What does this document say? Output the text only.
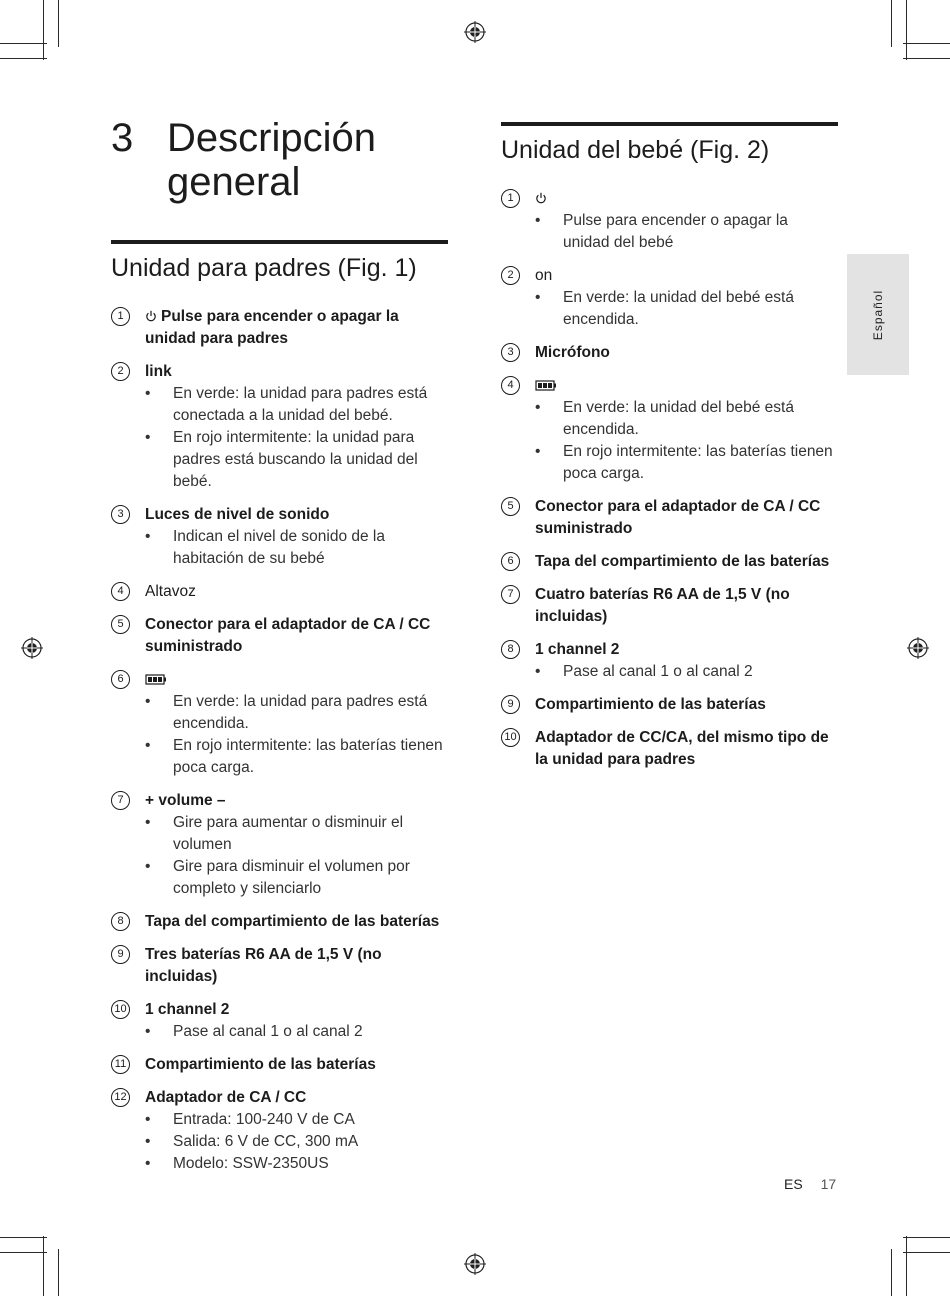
3 Descripción general
Unidad para padres (Fig. 1)
1	Pulse para encender o apagar la unidad para padres
2	link
• En verde: la unidad para padres está conectada a la unidad del bebé.
• En rojo intermitente: la unidad para padres está buscando la unidad del bebé.
3	Luces de nivel de sonido
• Indican el nivel de sonido de la habitación de su bebé
4	Altavoz
5	Conector para el adaptador de CA / CC suministrado
6
• En verde: la unidad para padres está encendida.
• En rojo intermitente: las baterías tienen poca carga.
7	+ volume –
• Gire para aumentar o disminuir el volumen
• Gire para disminuir el volumen por completo y silenciarlo
8	Tapa del compartimiento de las baterías
9	Tres baterías R6 AA de 1,5 V (no incluidas)
10 1 channel 2
• Pase al canal 1 o al canal 2
11 Compartimiento de las baterías
12 Adaptador de CA / CC
• Entrada: 100-240 V de CA
• Salida: 6 V de CC, 300 mA
• Modelo: SSW-2350US
Unidad del bebé (Fig. 2)
1
• Pulse para encender o apagar la unidad del bebé
2	on
• En verde: la unidad del bebé está encendida.
3	Micrófono
4
• En verde: la unidad del bebé está encendida.
• En rojo intermitente: las baterías tienen poca carga.
5	Conector para el adaptador de CA / CC suministrado
6	Tapa del compartimiento de las baterías
7	Cuatro baterías R6 AA de 1,5 V (no incluidas)
8	1 channel 2
• Pase al canal 1 o al canal 2
9	Compartimiento de las baterías
10 Adaptador de CC/CA, del mismo tipo de la unidad para padres
Español
ES 17
